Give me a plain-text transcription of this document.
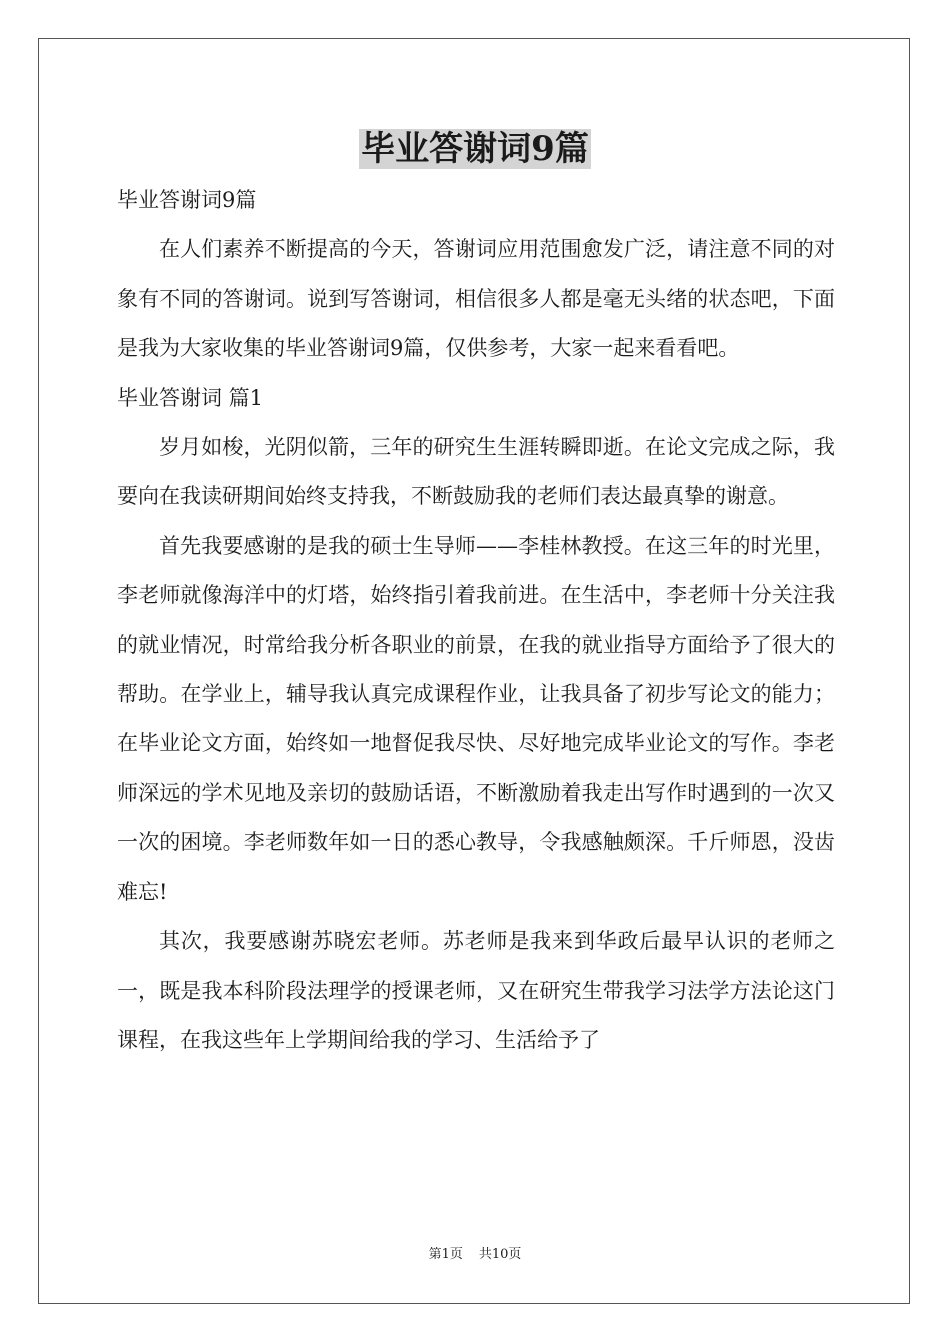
毕业答谢词9篇

毕业答谢词9篇

在人们素养不断提高的今天，答谢词应用范围愈发广泛，请注意不同的对象有不同的答谢词。说到写答谢词，相信很多人都是毫无头绪的状态吧，下面是我为大家收集的毕业答谢词9篇，仅供参考，大家一起来看看吧。

毕业答谢词 篇1

岁月如梭，光阴似箭，三年的研究生生涯转瞬即逝。在论文完成之际，我要向在我读研期间始终支持我，不断鼓励我的老师们表达最真挚的谢意。

首先我要感谢的是我的硕士生导师——李桂林教授。在这三年的时光里，李老师就像海洋中的灯塔，始终指引着我前进。在生活中，李老师十分关注我的就业情况，时常给我分析各职业的前景，在我的就业指导方面给予了很大的帮助。在学业上，辅导我认真完成课程作业，让我具备了初步写论文的能力；在毕业论文方面，始终如一地督促我尽快、尽好地完成毕业论文的写作。李老师深远的学术见地及亲切的鼓励话语，不断激励着我走出写作时遇到的一次又一次的困境。李老师数年如一日的悉心教导，令我感触颇深。千斤师恩，没齿难忘!

其次，我要感谢苏晓宏老师。苏老师是我来到华政后最早认识的老师之一，既是我本科阶段法理学的授课老师，又在研究生带我学习法学方法论这门课程，在我这些年上学期间给我的学习、生活给予了

第1页 共10页
